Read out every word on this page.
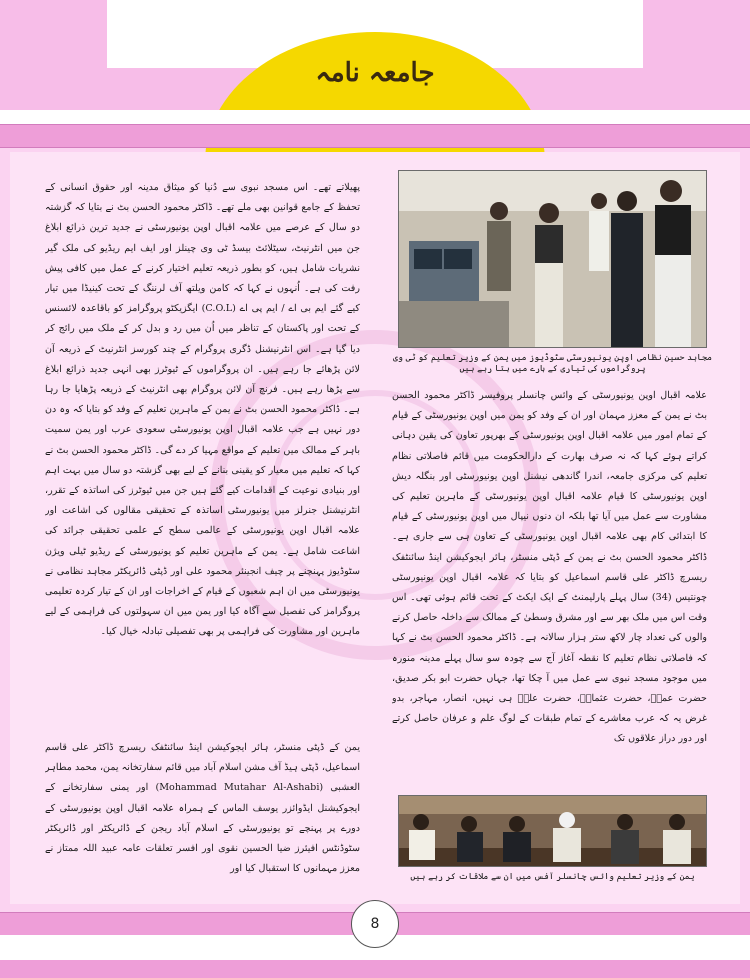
جامعہ نامہ
مجاہد حسین نظامی اوپن یونیورسٹی سٹوڈیوز میں یمن کے وزیر تعلیم کو ٹی وی پروگراموں کی تیاری کے بارے میں بتا رہے ہیں

پھیلاتے تھے۔ اس مسجد نبوی سے دُنیا کو میثاق مدینہ اور حقوق انسانی کے تحفظ کے جامع قوانین بھی ملے تھے۔ ڈاکٹر محمود الحسن بٹ نے بتایا کہ گزشتہ دو سال کے عرصے میں علامہ اقبال اوپن یونیورسٹی نے جدید ترین ذرائع ابلاغ جن میں انٹرنیٹ، سیٹلائٹ بیسڈ ٹی وی چینلز اور ایف ایم ریڈیو کی ملک گیر نشریات شامل ہیں، کو بطور ذریعہ تعلیم اختیار کرنے کے عمل میں کافی پیش رفت کی ہے۔ اُنہوں نے کہا کہ کامن ویلتھ آف لرننگ کے تحت کینیڈا میں تیار کیے گئے ایم بی اے / ایم پی اے (C.O.L) ایگزیکٹو پروگرامز کو باقاعدہ لائسنس کے تحت اور پاکستان کے تناظر میں اُن میں رد و بدل کر کے ملک میں رائج کر دیا گیا ہے۔ اس انٹرنیشنل ڈگری پروگرام کے چند کورسز انٹرنیٹ کے ذریعہ آن لائن پڑھائے جا رہے ہیں۔ ان پروگراموں کے ٹیوٹرز بھی انہی جدید ذرائع ابلاغ سے پڑھا رہے ہیں۔ فرنچ آن لائن پروگرام بھی انٹرنیٹ کے ذریعہ پڑھایا جا رہا ہے۔ ڈاکٹر محمود الحسن بٹ نے یمن کے ماہرین تعلیم کے وفد کو بتایا کہ وہ دن دور نہیں ہے جب علامہ اقبال اوپن یونیورسٹی سعودی عرب اور یمن سمیت باہر کے ممالک میں تعلیم کے مواقع مہیا کر دے گی۔ ڈاکٹر محمود الحسن بٹ نے کہا کہ تعلیم میں معیار کو یقینی بنانے کے لیے بھی گزشتہ دو سال میں بہت اہم اور بنیادی نوعیت کے اقدامات کیے گئے ہیں جن میں ٹیوٹرز کی اساتذہ کے تقرر، انٹرنیشنل جنرلز میں یونیورسٹی اساتذہ کے تحقیقی مقالوں کی اشاعت اور علامہ اقبال اوپن یونیورسٹی کے عالمی سطح کے علمی تحقیقی جرائد کی اشاعت شامل ہے۔ یمن کے ماہرین تعلیم کو یونیورسٹی کے ریڈیو ٹیلی ویژن سٹوڈیوز پہنچنے پر چیف انجینئر محمود علی اور ڈپٹی ڈائریکٹر مجاہد نظامی نے یونیورسٹی میں ان اہم شعبوں کے قیام کے اخراجات اور ان کے تیار کردہ تعلیمی پروگرامز کی تفصیل سے آگاہ کیا اور یمن میں ان سہولتوں کی فراہمی کے لیے ماہرین اور مشاورت کی فراہمی پر بھی تفصیلی تبادلہ خیال کیا۔

یمن کے ڈپٹی منسٹر، ہائر ایجوکیشن اینڈ سائنٹفک ریسرچ ڈاکٹر علی قاسم اسماعیل، ڈپٹی ہیڈ آف مشن اسلام آباد میں قائم سفارتخانہ یمن، محمد مطاہر العشبی (Mohammad Mutahar Al-Ashabi) اور یمنی سفارتخانے کے ایجوکیشنل ایڈوائزر یوسف الماس کے ہمراہ علامہ اقبال اوپن یونیورسٹی کے دورے پر پہنچے تو یونیورسٹی کے اسلام آباد ریجن کے ڈائریکٹر اور ڈائریکٹر سٹوڈنٹس افیئرز ضیا الحسین نقوی اور افسر تعلقات عامہ عبید اللہ ممتاز نے معزز مہمانوں کا استقبال کیا اور

علامہ اقبال اوپن یونیورسٹی کے وائس چانسلر پروفیسر ڈاکٹر محمود الحسن بٹ نے یمن کے معزز مہمان اور ان کے وفد کو یمن میں اوپن یونیورسٹی کے قیام کے تمام امور میں علامہ اقبال اوپن یونیورسٹی کے بھرپور تعاون کی یقین دہانی کراتے ہوئے کہا کہ نہ صرف بھارت کے دارالحکومت میں قائم فاصلاتی نظام تعلیم کی مرکزی جامعہ، اندرا گاندھی نیشنل اوپن یونیورسٹی اور بنگلہ دیش اوپن یونیورسٹی کا قیام علامہ اقبال اوپن یونیورسٹی کے ماہرین تعلیم کی مشاورت سے عمل میں آیا تھا بلکہ ان دنوں نیپال میں اوپن یونیورسٹی کے قیام کا ابتدائی کام بھی علامہ اقبال اوپن یونیورسٹی کے تعاون ہی سے جاری ہے۔ ڈاکٹر محمود الحسن بٹ نے یمن کے ڈپٹی منسٹر، ہائر ایجوکیشن اینڈ سائنٹفک ریسرچ ڈاکٹر علی قاسم اسماعیل کو بتایا کہ علامہ اقبال اوپن یونیورسٹی چونتیس (34) سال پہلے پارلیمنٹ کے ایک ایکٹ کے تحت قائم ہوئی تھی۔ اس وقت اس میں ملک بھر سے اور مشرق وسطیٰ کے ممالک سے داخلہ حاصل کرنے والوں کی تعداد چار لاکھ ستر ہزار سالانہ ہے۔ ڈاکٹر محمود الحسن بٹ نے کہا کہ فاصلاتی نظام تعلیم کا نقطہ آغاز آج سے چودہ سو سال پہلے مدینہ منورہ میں موجود مسجد نبوی سے عمل میں آ چکا تھا، جہاں حضرت ابو بکر صدیق، حضرت عمرؓ، حضرت عثمانؓ، حضرت علیؓ ہی نہیں، انصار، مہاجر، بدو غرض یہ کہ عرب معاشرے کے تمام طبقات کے لوگ علم و عرفان حاصل کرتے اور دور دراز علاقوں تک

یمن کے وزیر تعلیم وائس چانسلر آفس میں ان سے ملاقات کر رہے ہیں
8
